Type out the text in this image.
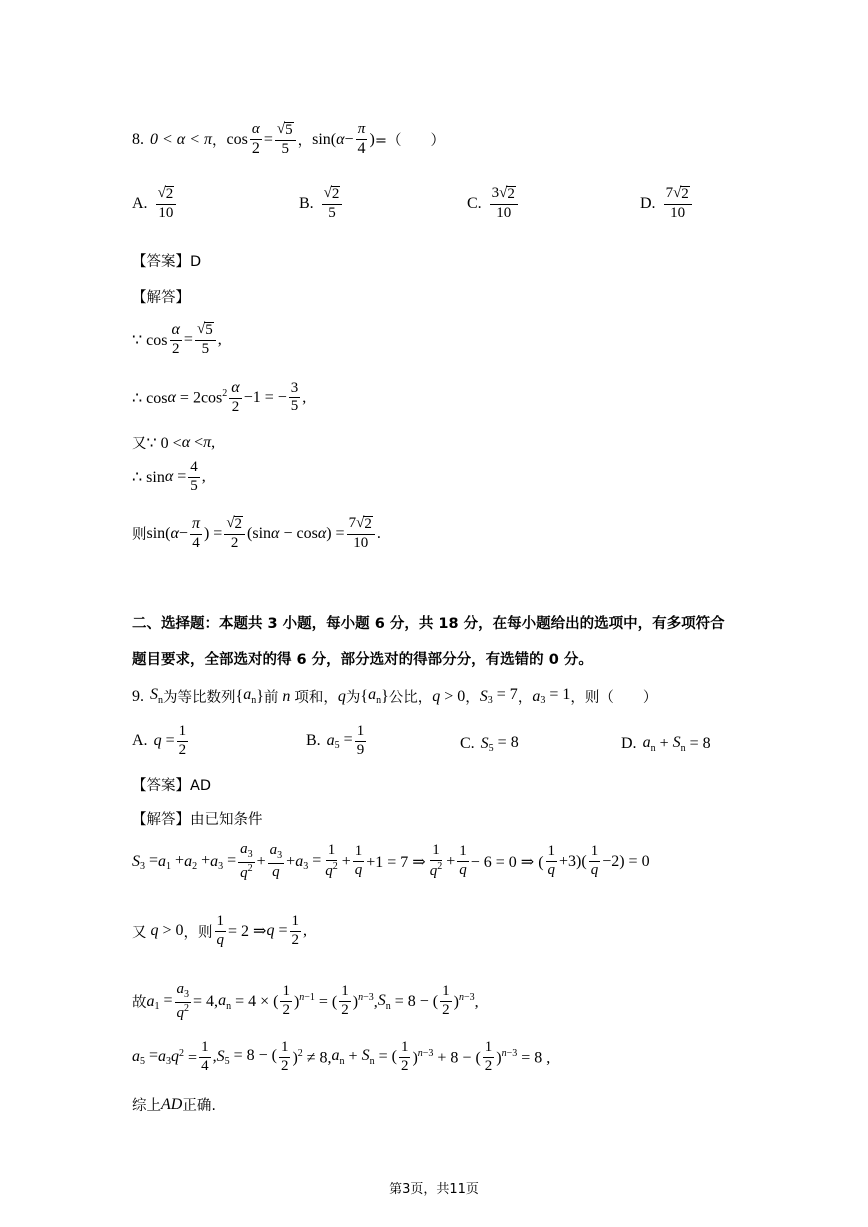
8. 0 < α < π ， $\cos \frac{\alpha}{2} = \frac{√ 5}{5}$ ， sin( $\alpha - \frac{\pi}{4}$ ) =（　　）
A. $\frac{√ 2}{10}$	B. $\frac{√ 2}{5}$	C. $\frac{3 √ 2}{10}$	D. $\frac{7 √ 2}{10}$
【答案】D
【解答】
∵ $\cos \frac{\alpha}{2} = \frac{√ 5}{5}$ ,
∴ $\cos \alpha = 2\cos^2 \frac{\alpha}{2} -1$ = − $\frac{3}{5}$ ,
又 ∵ 0 < α < π ,
∴ $\sin \alpha = \frac{4}{5}$ ,
则 sin( $\alpha - \frac{\pi}{4}$ ) = $\frac{√ 2}{2} (\sin$ α − cos α ) = $\frac{7 √ 2}{10}$ .
二、选择题：本题共 3 小题，每小题 6 分，共 18 分，在每小题给出的选项中，有多项符合
题目要求，全部选对的得 6 分，部分选对的得部分分，有选错的 0 分。
9. $S_n$ 为等比数列 { $a_n$ } 前 n 项和， q 为 { $a_n$ } 公比， q > 0 ， S $_3$ = 7 ， a $_3$ = 1 ，则（　　）
A. $q = \frac{1}{2}$	B. a $_5 = \frac{1}{9}$	C. S $_5$ = 8	D. $a_n + S_n = 8$
【答案】AD
【解答】由已知条件
S $_3$ = a $_1$ + a $_2$ + a $_3 = \frac{a_3}{q^2} + \frac{a_3}{q} + a$ $_3 = \frac{1}{q^2} + \frac{1}{q} +1 = 7$ ⇒ $\frac{1}{q^2} + \frac{1}{q} - 6 = 0$ ⇒ ( $\frac{1}{q} +3)( \frac{1}{q} -2) = 0$
又 q > 0 ，则 $\frac{1}{q} = 2$ ⇒ $q = \frac{1}{2}$ ,
故 a $_1 = \frac{a_3}{q^2} = 4$, $a_n = 4$ × ( $\frac{1}{2} )^{n-1}$ = ( $\frac{1}{2} )^{n-3}$, $S_n = 8$ − ( $\frac{1}{2} )^{n-3}$,
a $_5$ = a $_3$ q $^2 = \frac{1}{4}$ , S $_5$ = 8 − ( $\frac{1}{2} )^2 \ne 8$, $a_n + S_n$ = ( $\frac{1}{2} )^{n-3} + 8$ − ( $\frac{1}{2} )^{n-3} = 8$ ,
综上 AD 正确.
第3页，共11页
